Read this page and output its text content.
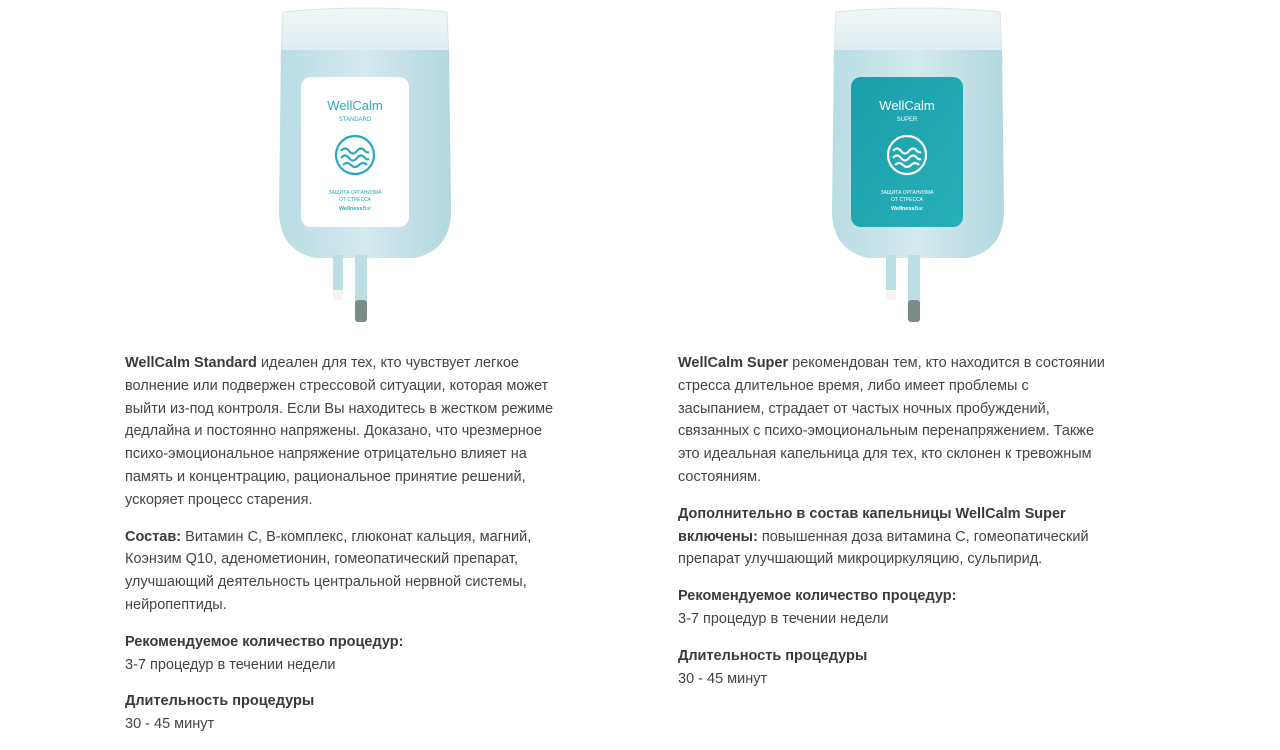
WellCalm
STANDARD
ЗАЩИТА ОРГАНИЗМА
ОТ СТРЕССА
WellnessBar

WellCalm Standard идеален для тех, кто чувствует легкое волнение или подвержен стрессовой ситуации, которая может выйти из-под контроля. Если Вы находитесь в жестком режиме дедлайна и постоянно напряжены. Доказано, что чрезмерное психо-эмоциональное напряжение отрицательно влияет на память и концентрацию, рациональное принятие решений, ускоряет процесс старения.

Состав: Витамин С, В-комплекс, глюконат кальция, магний, Коэнзим Q10, аденометионин, гомеопатический препарат, улучшающий деятельность центральной нервной системы, нейропептиды.

Рекомендуемое количество процедур:
3-7 процедур в течении недели

Длительность процедуры
30 - 45 минут

WellCalm
SUPER
ЗАЩИТА ОРГАНИЗМА
ОТ СТРЕССА
WellnessBar

WellCalm Super рекомендован тем, кто находится в состоянии стресса длительное время, либо имеет проблемы с засыпанием, страдает от частых ночных пробуждений, связанных с психо-эмоциональным перенапряжением. Также это идеальная капельница для тех, кто склонен к тревожным состояниям.

Дополнительно в состав капельницы WellCalm Super включены: повышенная доза витамина С, гомеопатический препарат улучшающий микроциркуляцию, сульпирид.

Рекомендуемое количество процедур:
3-7 процедур в течении недели

Длительность процедуры
30 - 45 минут
